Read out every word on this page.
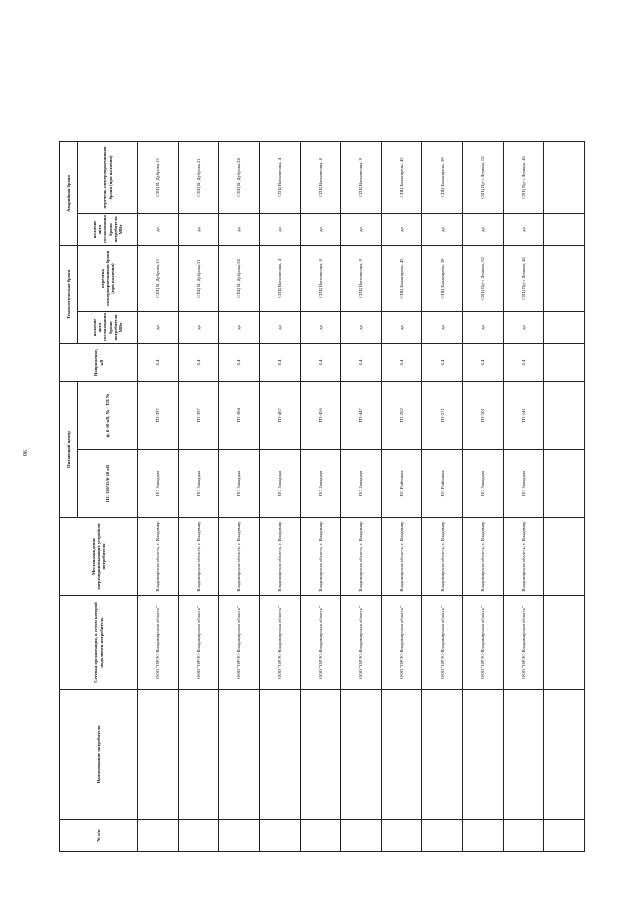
90
№ п/п	Наименование потребителя	Сетевая организация, к сетям которой подключен потребитель	Местонахождение энергопринимающих устройств потребителя	Питающий центр		Напряжение, кВ	Технологическая броня		Аварийная броня	
				ПС 110/35/6-10 кВ	ф. 6-10 кВ, № - ТП №		наличие акта согласования брони потребителя МВт	перечень электроприемников брони (при наличии)	наличие акта согласования брони потребителя МВт	перечень электроприемников брони (при наличии)
		ООО "ОРЭС-Владимирская область"	Владимирская область, г. Владимир	ПС Западная	ТП-397	0,4	да	СПЦ В. Дуброва,13	да	СПЦ В. Дуброва,13
		ООО "ОРЭС-Владимирская область"	Владимирская область, г. Владимир	ПС Западная	ТП-397	0,4	да	СПЦ В. Дуброва,21	да	СПЦ В. Дуброва,21
		ООО "ОРЭС-Владимирская область"	Владимирская область, г. Владимир	ПС Западная	ТП-384	0,4	да	СПЦ В. Дуброва,24	да	СПЦ В. Дуброва,24
		ООО "ОРЭС-Владимирская область"	Владимирская область, г. Владимир	ПС Западная	ТП-467	0,4	да	СПЦ Василисина, 4	да	СПЦ Василисина, 4
		ООО "ОРЭС-Владимирская область"	Владимирская область, г. Владимир	ПС Западная	ТП-456	0,4	да	СПЦ Василисина, 8	да	СПЦ Василисина, 8
		ООО "ОРЭС-Владимирская область"	Владимирская область, г. Владимир	ПС Западная	ТП-447	0,4	да	СПЦ Василисина, 9	да	СПЦ Василисина, 9
		ООО "ОРЭС-Владимирская область"	Владимирская область, г. Владимир	ПС Районная	ТП-262	0,4	да	СПЦ Балакирева, 45	да	СПЦ Балакирева, 45
		ООО "ОРЭС-Владимирская область"	Владимирская область, г. Владимир	ПС Районная	ТП-271	0,4	да	СПЦ Балакирева, 39	да	СПЦ Балакирева, 39
		ООО "ОРЭС-Владимирская область"	Владимирская область, г. Владимир	ПС Западная	ТП-101	0,4	да	СПЦ Пр-т Ленина, 62	да	СПЦ Пр-т Ленина, 62
		ООО "ОРЭС-Владимирская область"	Владимирская область, г. Владимир	ПС Западная	ТП-141	0,4	да	СПЦ Пр-т Ленина, 45	да	СПЦ Пр-т Ленина, 45
